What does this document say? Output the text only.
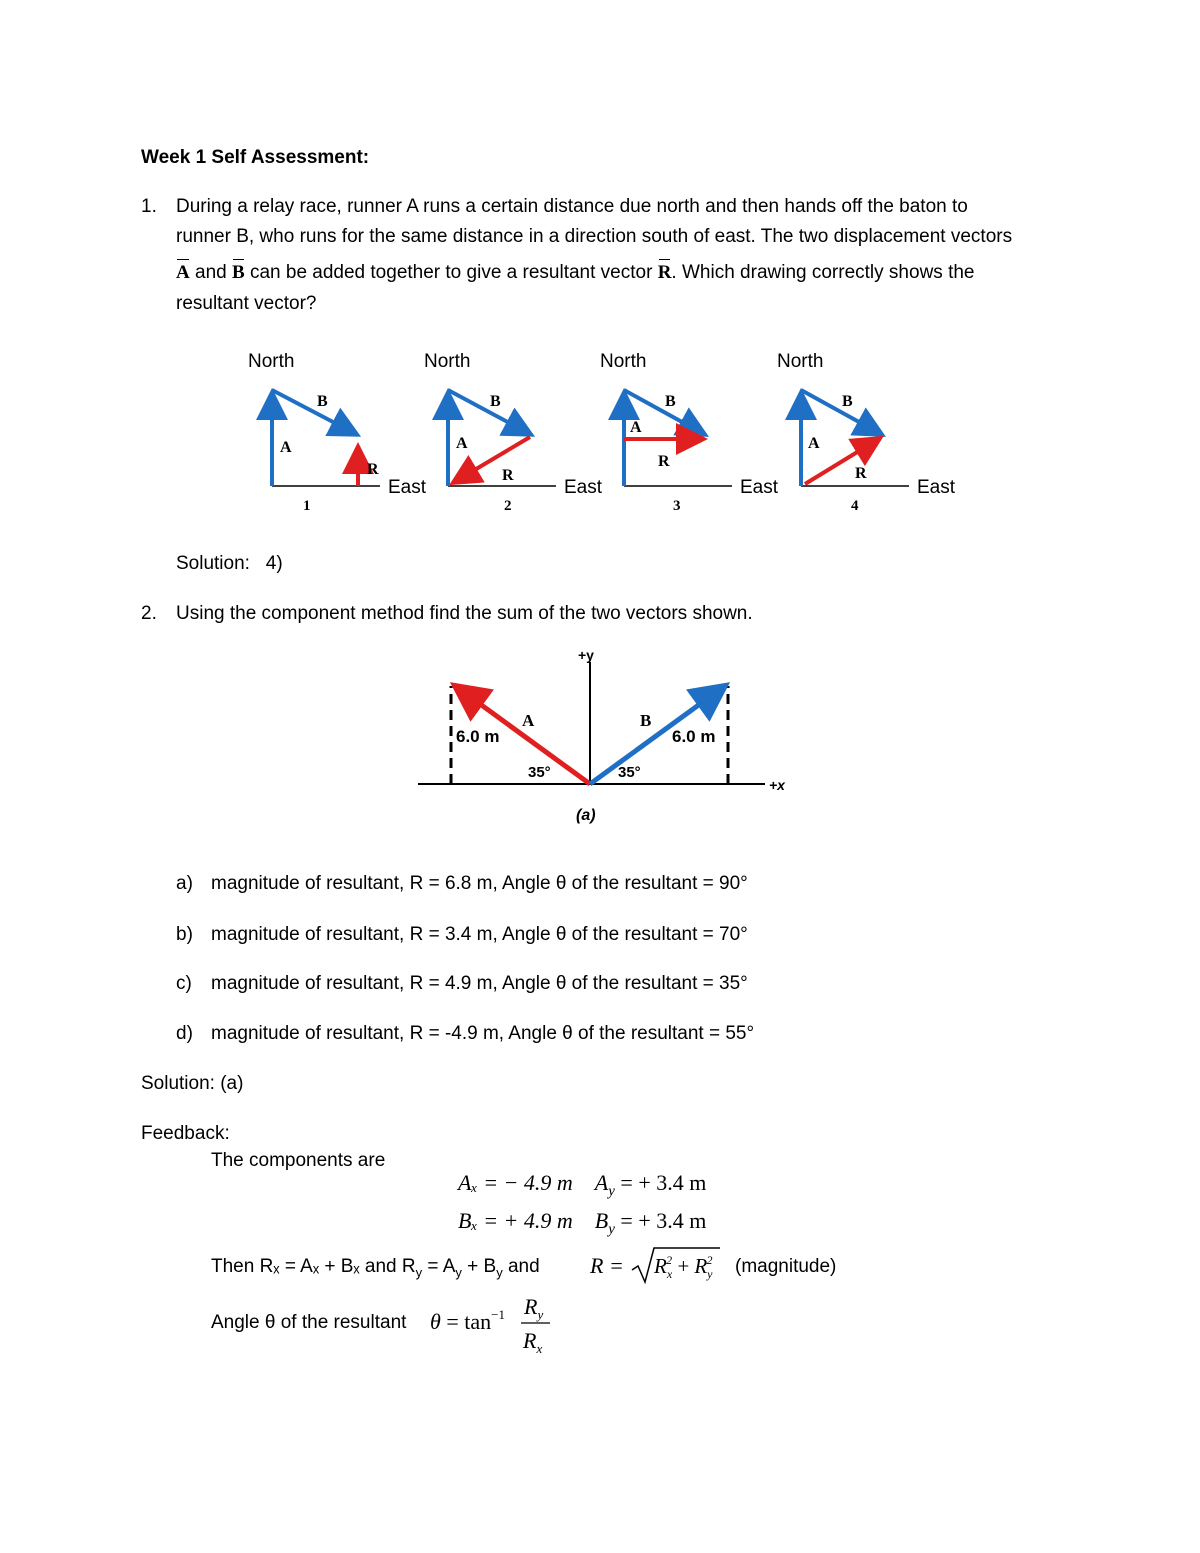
Week 1 Self Assessment:
1. During a relay race, runner A runs a certain distance due north and then hands off the baton to
runner B, who runs for the same distance in a direction south of east. The two displacement vectors
A and B can be added together to give a resultant vector R. Which drawing correctly shows the
resultant vector?
North
East
A
B
R
1
North
East
A
B
R
2
North
East
A
B
R
3
North
East
A
B
R
4
Solution: 4)
2. Using the component method find the sum of the two vectors shown.
+y
+x
A	B
6.0 m	6.0 m
35°	35°
(a)
a) magnitude of resultant, R = 6.8 m, Angle θ of the resultant = 90°
b) magnitude of resultant, R = 3.4 m, Angle θ of the resultant = 70°
c) magnitude of resultant, R = 4.9 m, Angle θ of the resultant = 35°
d) magnitude of resultant, R = -4.9 m, Angle θ of the resultant = 55°
Solution: (a)
Feedback:
The components are
Aₓ = − 4.9 m $A_y$ = + 3.4 m
Bₓ = + 4.9 m $B_y$ = + 3.4 m
Then Rₓ = Aₓ + Bₓ and $R_y = A_y + B_y$ and $R = R_x2 + R_y2$ (magnitude)
Angle θ of the resultant $\theta = \tan^{-1} R_y$
$R_x$
